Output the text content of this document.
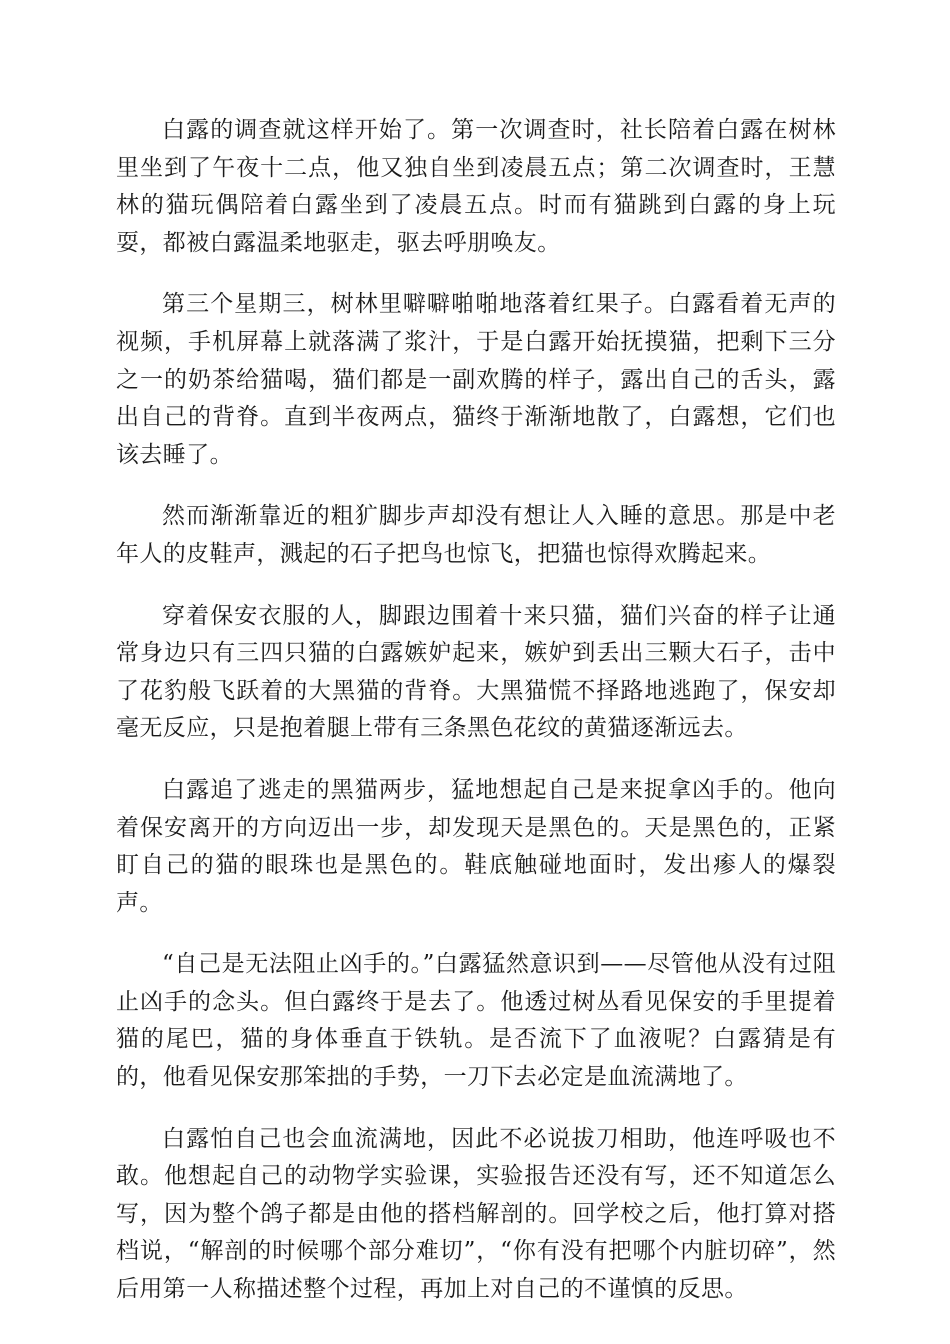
白露的调查就这样开始了。第一次调查时，社长陪着白露在树林里坐到了午夜十二点，他又独自坐到凌晨五点；第二次调查时，王慧林的猫玩偶陪着白露坐到了凌晨五点。时而有猫跳到白露的身上玩耍，都被白露温柔地驱走，驱去呼朋唤友。

第三个星期三，树林里噼噼啪啪地落着红果子。白露看着无声的视频，手机屏幕上就落满了浆汁，于是白露开始抚摸猫，把剩下三分之一的奶茶给猫喝，猫们都是一副欢腾的样子，露出自己的舌头，露出自己的背脊。直到半夜两点，猫终于渐渐地散了，白露想，它们也该去睡了。

然而渐渐靠近的粗犷脚步声却没有想让人入睡的意思。那是中老年人的皮鞋声，溅起的石子把鸟也惊飞，把猫也惊得欢腾起来。

穿着保安衣服的人，脚跟边围着十来只猫，猫们兴奋的样子让通常身边只有三四只猫的白露嫉妒起来，嫉妒到丢出三颗大石子，击中了花豹般飞跃着的大黑猫的背脊。大黑猫慌不择路地逃跑了，保安却毫无反应，只是抱着腿上带有三条黑色花纹的黄猫逐渐远去。

白露追了逃走的黑猫两步，猛地想起自己是来捉拿凶手的。他向着保安离开的方向迈出一步，却发现天是黑色的。天是黑色的，正紧盯自己的猫的眼珠也是黑色的。鞋底触碰地面时，发出瘆人的爆裂声。

“自己是无法阻止凶手的。”白露猛然意识到——尽管他从没有过阻止凶手的念头。但白露终于是去了。他透过树丛看见保安的手里提着猫的尾巴，猫的身体垂直于铁轨。是否流下了血液呢？白露猜是有的，他看见保安那笨拙的手势，一刀下去必定是血流满地了。

白露怕自己也会血流满地，因此不必说拔刀相助，他连呼吸也不敢。他想起自己的动物学实验课，实验报告还没有写，还不知道怎么写，因为整个鸽子都是由他的搭档解剖的。回学校之后，他打算对搭档说，“解剖的时候哪个部分难切”，“你有没有把哪个内脏切碎”，然后用第一人称描述整个过程，再加上对自己的不谨慎的反思。
